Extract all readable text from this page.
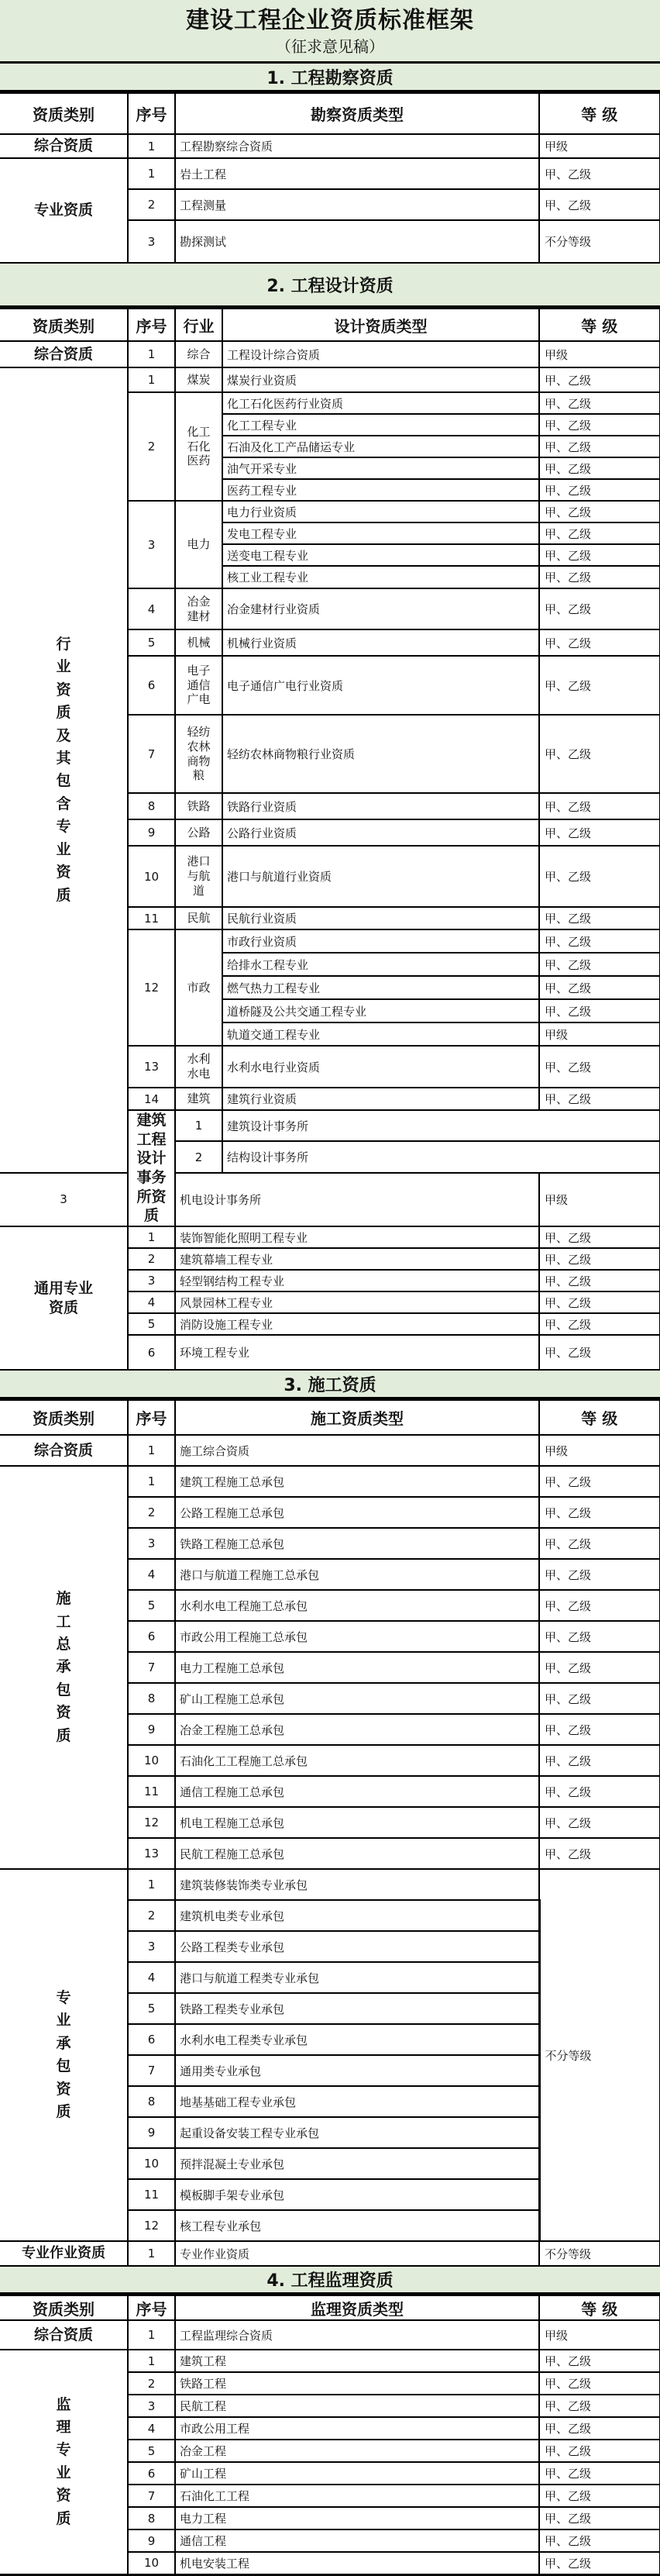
建设工程企业资质标准框架
（征求意见稿）
1. 工程勘察资质
资质类别	序号	勘察资质类型	等 级
综合资质	1	工程勘察综合资质	甲级
专业资质	1	岩土工程	甲、乙级
	2	工程测量	甲、乙级
	3	勘探测试	不分等级
2. 工程设计资质
资质类别	序号	行业	设计资质类型	等 级	
综合资质	1	综合	工程设计综合资质	甲级	
行业资质及其包含专业资质	1	煤炭	煤炭行业资质	甲、乙级	
	2	化工石化医药	化工石化医药行业资质	甲、乙级	
			化工工程专业	甲、乙级	
			石油及化工产品储运专业	甲、乙级	
			油气开采专业	甲、乙级	
			医药工程专业	甲、乙级	
	3	电力	电力行业资质	甲、乙级	
			发电工程专业	甲、乙级	
			送变电工程专业	甲、乙级	
			核工业工程专业	甲、乙级	
	4	冶金建材	冶金建材行业资质	甲、乙级	
	5	机械	机械行业资质	甲、乙级	
	6	电子通信广电	电子通信广电行业资质	甲、乙级	
	7	轻纺农林商物粮	轻纺农林商物粮行业资质	甲、乙级	
	8	铁路	铁路行业资质	甲、乙级	
	9	公路	公路行业资质	甲、乙级	
	10	港口与航道	港口与航道行业资质	甲、乙级	
	11	民航	民航行业资质	甲、乙级	
	12	市政	市政行业资质	甲、乙级	
			给排水工程专业	甲、乙级	
			燃气热力工程专业	甲、乙级	
			道桥隧及公共交通工程专业	甲、乙级	
			轨道交通工程专业	甲级	
	13	水利水电	水利水电行业资质	甲、乙级	
	14	建筑	建筑行业资质	甲、乙级	
	建筑工程设计事务所资质	1	建筑设计事务所	
		2	结构设计事务所	
3		机电设计事务所		甲级	
通用专业资质	1	装饰智能化照明工程专业		甲、乙级	
	2	建筑幕墙工程专业		甲、乙级	
	3	轻型钢结构工程专业		甲、乙级	
	4	风景园林工程专业		甲、乙级	
	5	消防设施工程专业		甲、乙级	
	6	环境工程专业		甲、乙级	
3. 施工资质
资质类别	序号	施工资质类型	等 级
综合资质	1	施工综合资质	甲级
施工总承包资质	1	建筑工程施工总承包	甲、乙级
	2	公路工程施工总承包	甲、乙级
	3	铁路工程施工总承包	甲、乙级
	4	港口与航道工程施工总承包	甲、乙级
	5	水利水电工程施工总承包	甲、乙级
	6	市政公用工程施工总承包	甲、乙级
	7	电力工程施工总承包	甲、乙级
	8	矿山工程施工总承包	甲、乙级
	9	冶金工程施工总承包	甲、乙级
	10	石油化工工程施工总承包	甲、乙级
	11	通信工程施工总承包	甲、乙级
	12	机电工程施工总承包	甲、乙级
	13	民航工程施工总承包	甲、乙级
专业承包资质	1	建筑装修装饰类专业承包	不分等级
	2	建筑机电类专业承包	
	3	公路工程类专业承包	
	4	港口与航道工程类专业承包	
	5	铁路工程类专业承包	
	6	水利水电工程类专业承包	
	7	通用类专业承包	
	8	地基基础工程专业承包	
	9	起重设备安装工程专业承包	
	10	预拌混凝土专业承包	
	11	模板脚手架专业承包	
	12	核工程专业承包	
专业作业资质	1	专业作业资质	不分等级
4. 工程监理资质
资质类别	序号	监理资质类型	等 级
综合资质	1	工程监理综合资质	甲级
监理专业资质	1	建筑工程	甲、乙级
	2	铁路工程	甲、乙级
	3	民航工程	甲、乙级
	4	市政公用工程	甲、乙级
	5	冶金工程	甲、乙级
	6	矿山工程	甲、乙级
	7	石油化工工程	甲、乙级
	8	电力工程	甲、乙级
	9	通信工程	甲、乙级
	10	机电安装工程	甲、乙级
